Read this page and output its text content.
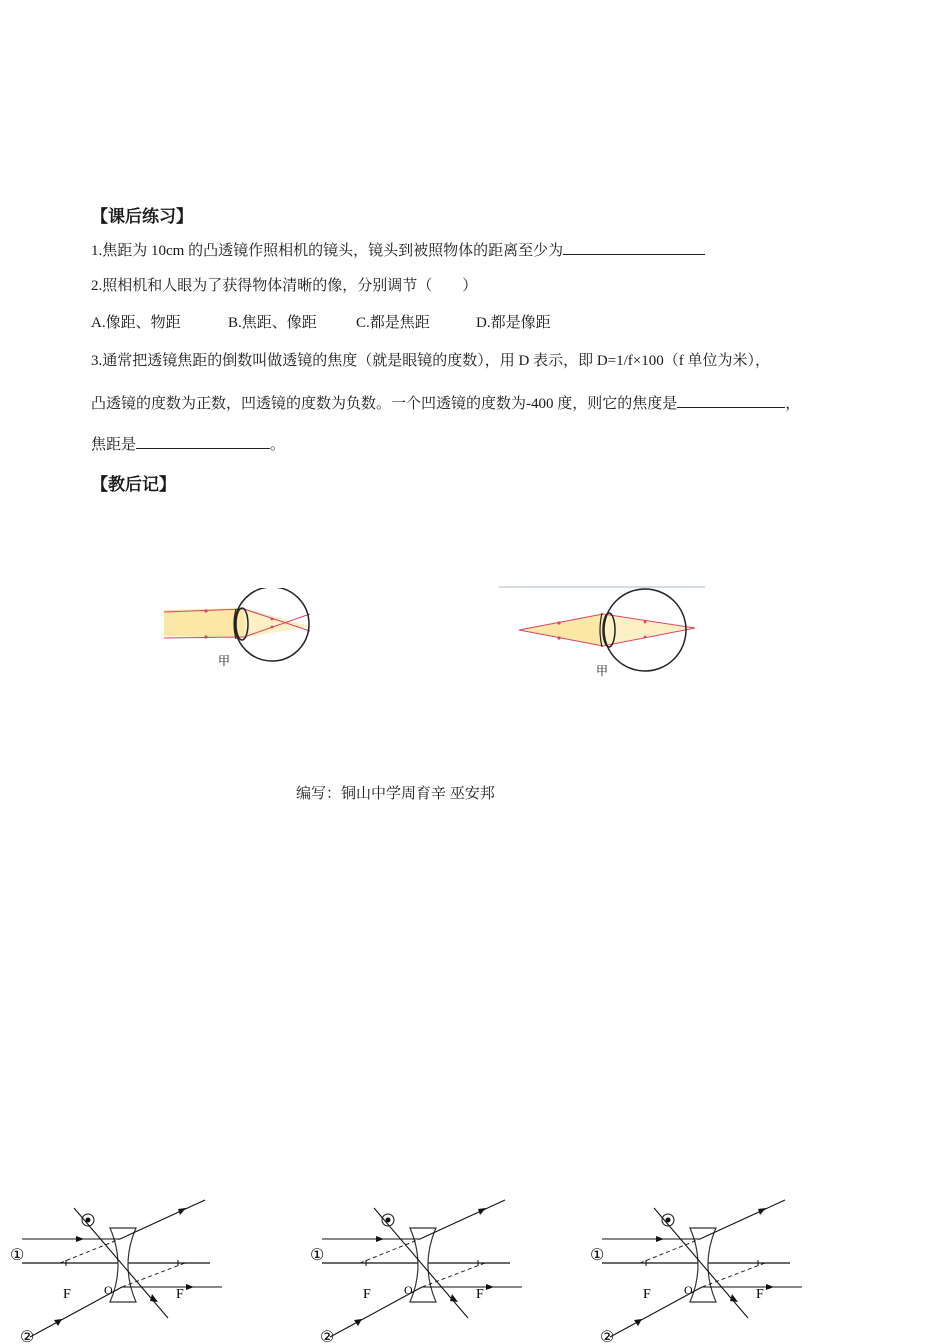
【课后练习】
1.焦距为 10cm 的凸透镜作照相机的镜头，镜头到被照物体的距离至少为
2.照相机和人眼为了获得物体清晰的像，分别调节（　　）
A.像距、物距	B.焦距、像距	C.都是焦距	D.都是像距
3.通常把透镜焦距的倒数叫做透镜的焦度（就是眼镜的度数），用 D 表示，即 D=1/f×100（f 单位为米），
凸透镜的度数为正数，凹透镜的度数为负数。一个凹透镜的度数为-400 度，则它的焦度是	，
焦距是	。
【教后记】
甲
甲
编写：铜山中学周育辛 巫安邦
①
②
F	O	F
①
②
F	O	F
①
②
F	O	F
